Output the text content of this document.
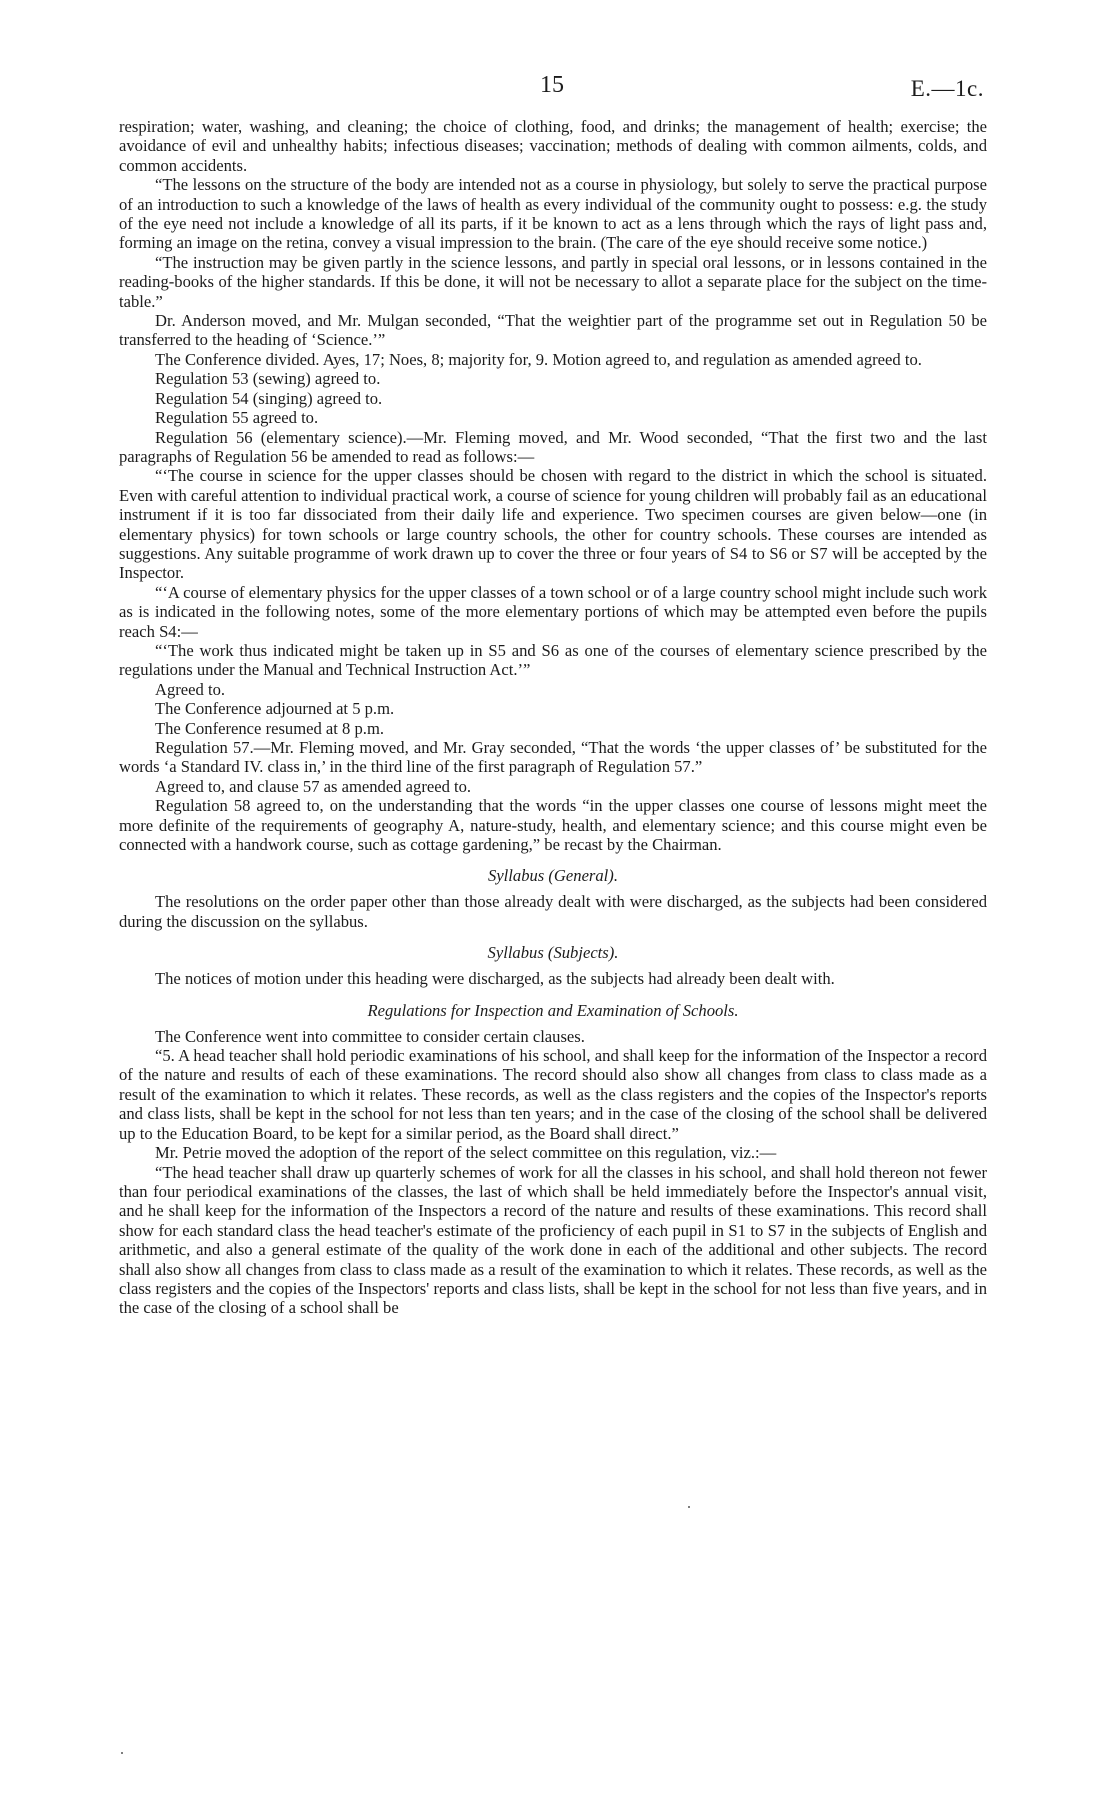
15	E.—1c.

respiration; water, washing, and cleaning; the choice of clothing, food, and drinks; the management of health; exercise; the avoidance of evil and unhealthy habits; infectious diseases; vaccination; methods of dealing with common ailments, colds, and common accidents.

“The lessons on the structure of the body are intended not as a course in physiology, but solely to serve the practical purpose of an introduction to such a knowledge of the laws of health as every individual of the community ought to possess: e.g. the study of the eye need not include a knowledge of all its parts, if it be known to act as a lens through which the rays of light pass and, forming an image on the retina, convey a visual impression to the brain. (The care of the eye should receive some notice.)

“The instruction may be given partly in the science lessons, and partly in special oral lessons, or in lessons contained in the reading-books of the higher standards. If this be done, it will not be necessary to allot a separate place for the subject on the time-table.”

Dr. Anderson moved, and Mr. Mulgan seconded, “That the weightier part of the programme set out in Regulation 50 be transferred to the heading of ‘Science.’”

The Conference divided. Ayes, 17; Noes, 8; majority for, 9. Motion agreed to, and regulation as amended agreed to.

Regulation 53 (sewing) agreed to.

Regulation 54 (singing) agreed to.

Regulation 55 agreed to.

Regulation 56 (elementary science).—Mr. Fleming moved, and Mr. Wood seconded, “That the first two and the last paragraphs of Regulation 56 be amended to read as follows:—

“‘The course in science for the upper classes should be chosen with regard to the district in which the school is situated. Even with careful attention to individual practical work, a course of science for young children will probably fail as an educational instrument if it is too far dissociated from their daily life and experience. Two specimen courses are given below—one (in elementary physics) for town schools or large country schools, the other for country schools. These courses are intended as suggestions. Any suitable programme of work drawn up to cover the three or four years of S4 to S6 or S7 will be accepted by the Inspector.

“‘A course of elementary physics for the upper classes of a town school or of a large country school might include such work as is indicated in the following notes, some of the more elementary portions of which may be attempted even before the pupils reach S4:—

“‘The work thus indicated might be taken up in S5 and S6 as one of the courses of elementary science prescribed by the regulations under the Manual and Technical Instruction Act.’”

Agreed to.

The Conference adjourned at 5 p.m.

The Conference resumed at 8 p.m.

Regulation 57.—Mr. Fleming moved, and Mr. Gray seconded, “That the words ‘the upper classes of’ be substituted for the words ‘a Standard IV. class in,’ in the third line of the first paragraph of Regulation 57.”

Agreed to, and clause 57 as amended agreed to.

Regulation 58 agreed to, on the understanding that the words “in the upper classes one course of lessons might meet the more definite of the requirements of geography A, nature-study, health, and elementary science; and this course might even be connected with a handwork course, such as cottage gardening,” be recast by the Chairman.

Syllabus (General).

The resolutions on the order paper other than those already dealt with were discharged, as the subjects had been considered during the discussion on the syllabus.

Syllabus (Subjects).

The notices of motion under this heading were discharged, as the subjects had already been dealt with.

Regulations for Inspection and Examination of Schools.

The Conference went into committee to consider certain clauses.

“5. A head teacher shall hold periodic examinations of his school, and shall keep for the information of the Inspector a record of the nature and results of each of these examinations. The record should also show all changes from class to class made as a result of the examination to which it relates. These records, as well as the class registers and the copies of the Inspector's reports and class lists, shall be kept in the school for not less than ten years; and in the case of the closing of the school shall be delivered up to the Education Board, to be kept for a similar period, as the Board shall direct.”

Mr. Petrie moved the adoption of the report of the select committee on this regulation, viz.:—

“The head teacher shall draw up quarterly schemes of work for all the classes in his school, and shall hold thereon not fewer than four periodical examinations of the classes, the last of which shall be held immediately before the Inspector's annual visit, and he shall keep for the information of the Inspectors a record of the nature and results of these examinations. This record shall show for each standard class the head teacher's estimate of the proficiency of each pupil in S1 to S7 in the subjects of English and arithmetic, and also a general estimate of the quality of the work done in each of the additional and other subjects. The record shall also show all changes from class to class made as a result of the examination to which it relates. These records, as well as the class registers and the copies of the Inspectors' reports and class lists, shall be kept in the school for not less than five years, and in the case of the closing of a school shall be
